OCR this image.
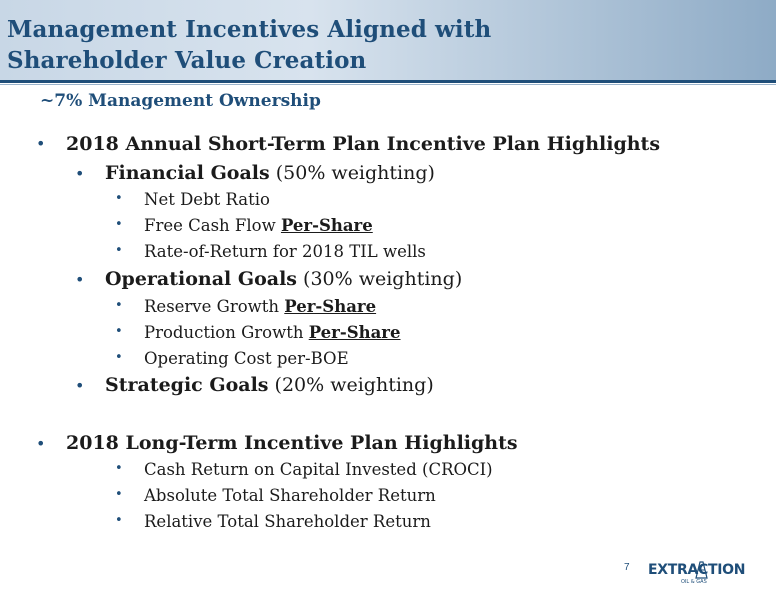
Management Incentives Aligned with
Shareholder Value Creation
~7% Management Ownership
• 2018 Annual Short-Term Plan Incentive Plan Highlights
• Financial Goals (50% weighting)
• Net Debt Ratio
• Free Cash Flow Per-Share
• Rate-of-Return for 2018 TIL wells
• Operational Goals (30% weighting)
• Reserve Growth Per-Share
• Production Growth Per-Share
• Operating Cost per-BOE
• Strategic Goals (20% weighting)
• 2018 Long-Term Incentive Plan Highlights
• Cash Return on Capital Invested (CROCI)
• Absolute Total Shareholder Return
• Relative Total Shareholder Return
7 EXTRACTION
OIL & GAS
